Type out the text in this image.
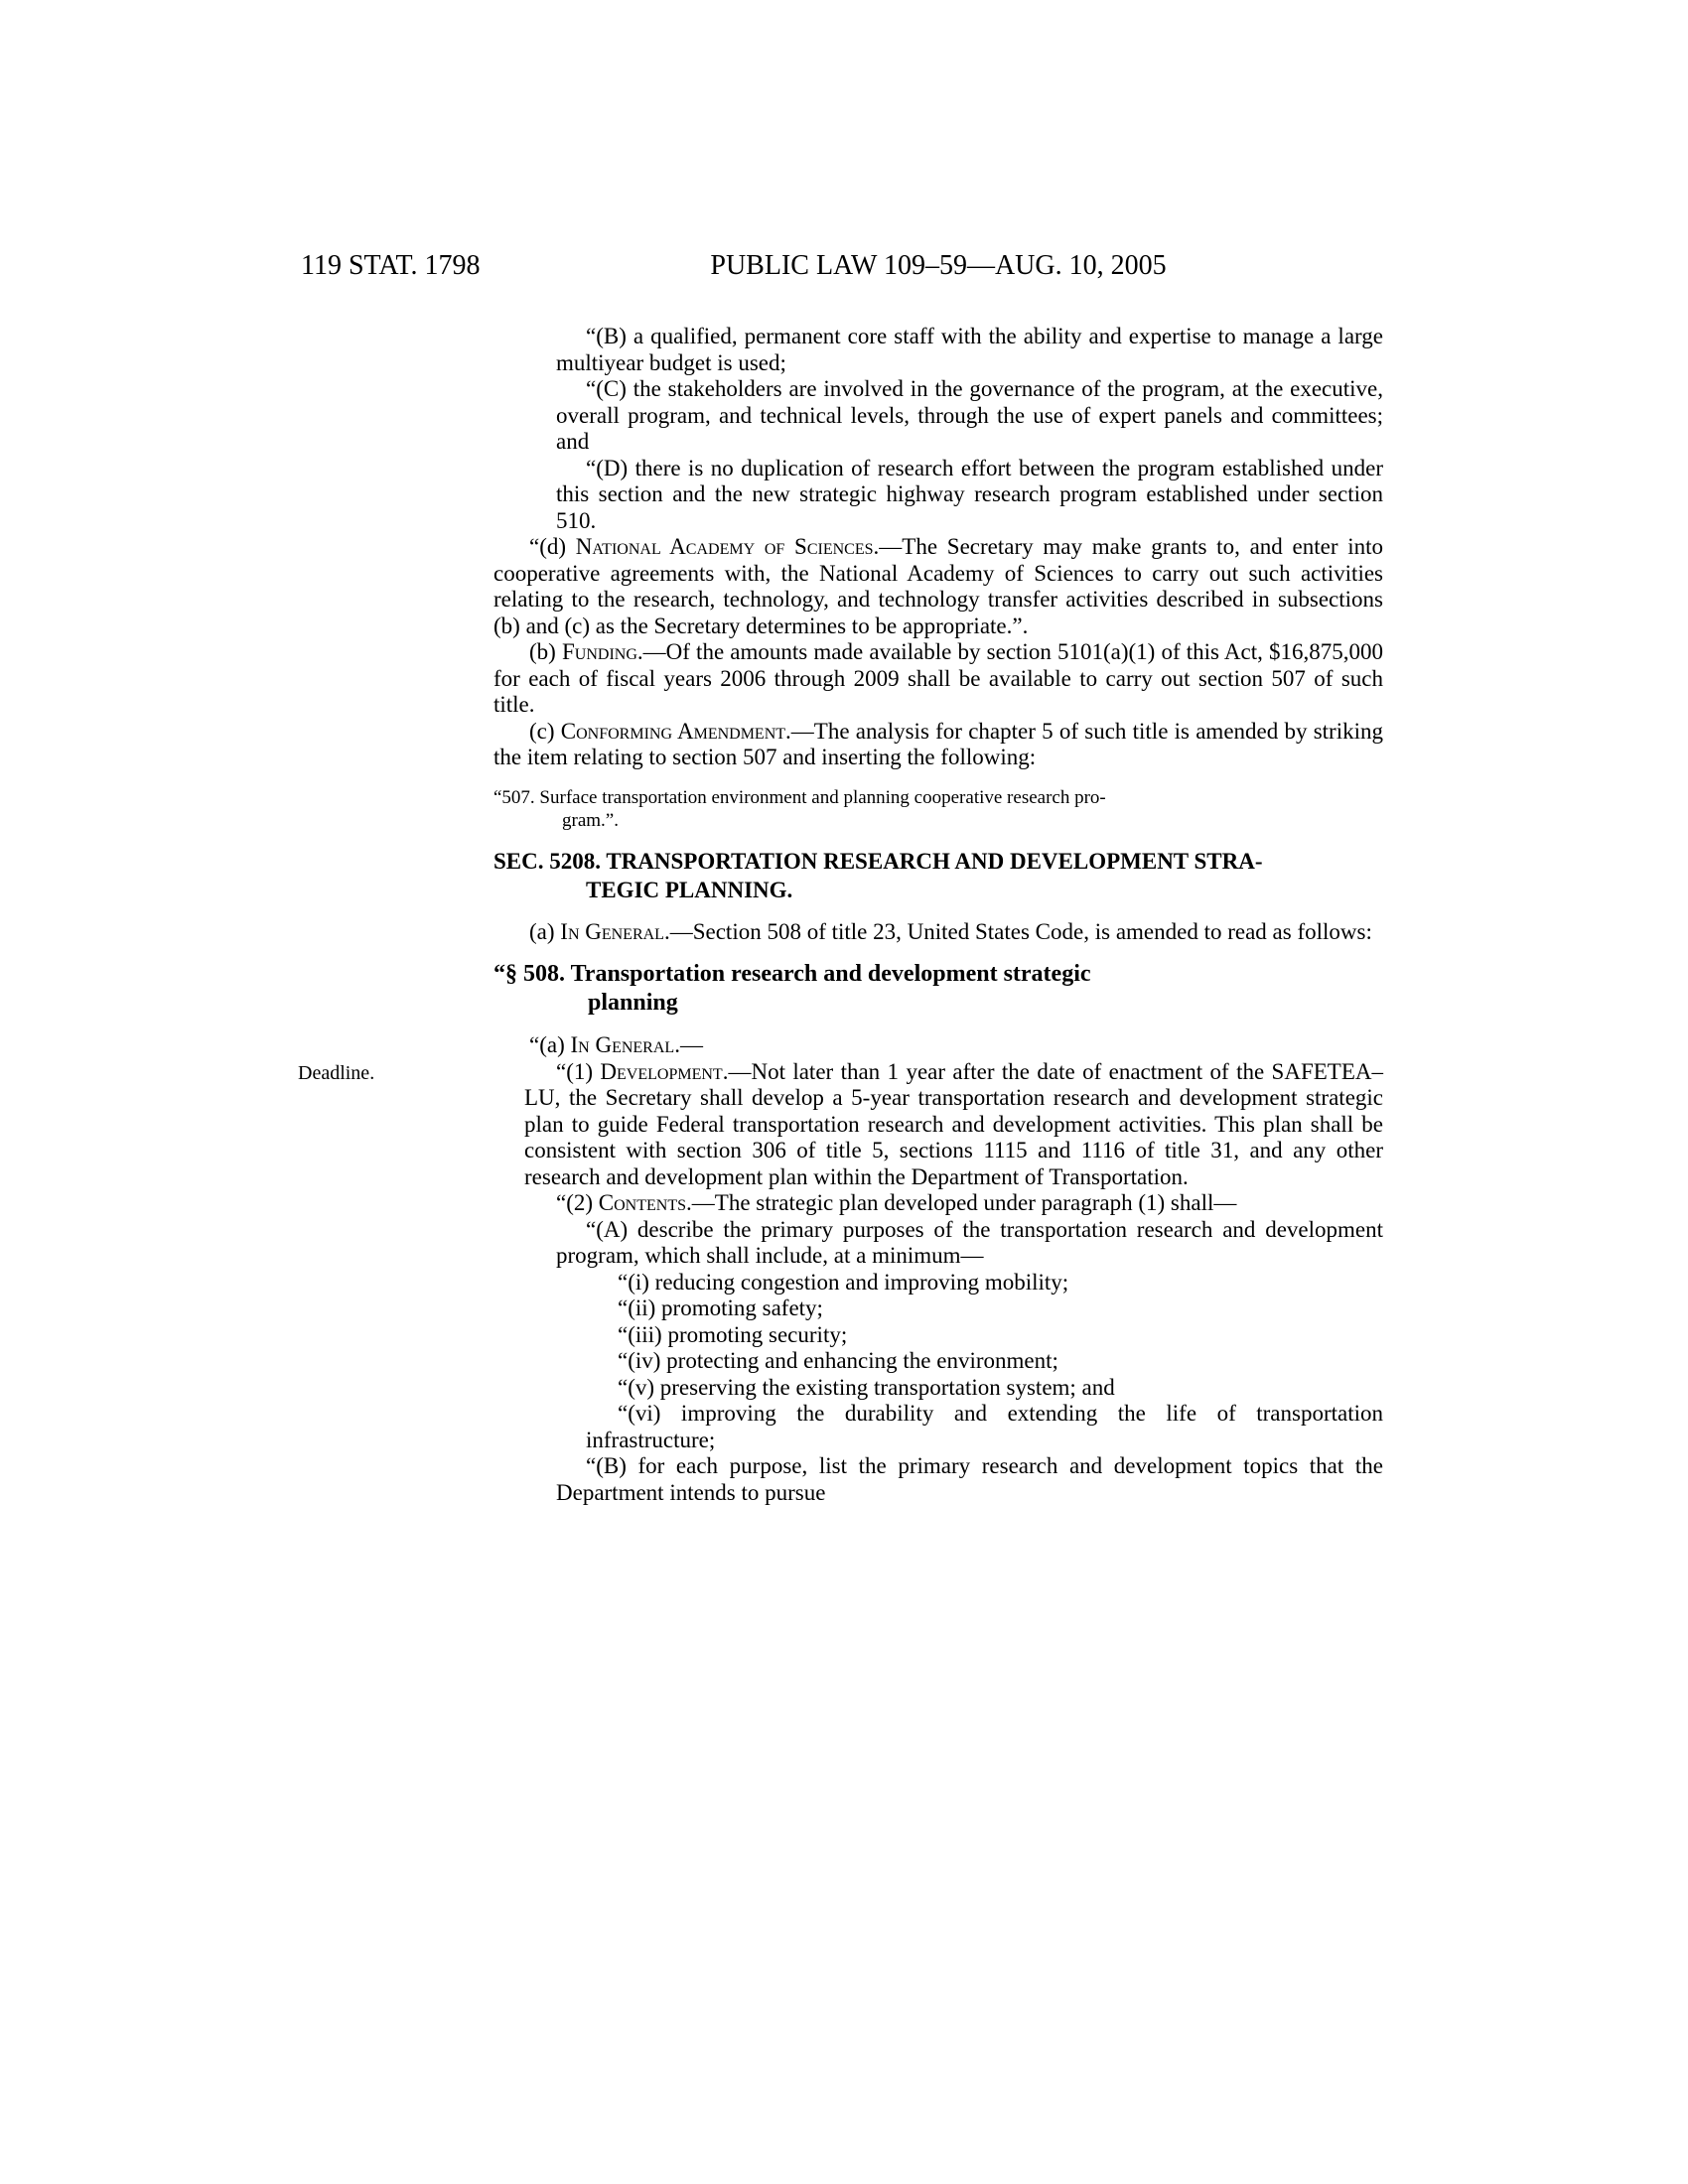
119 STAT. 1798	PUBLIC LAW 109–59—AUG. 10, 2005

“(B) a qualified, permanent core staff with the ability and expertise to manage a large multiyear budget is used;

“(C) the stakeholders are involved in the governance of the program, at the executive, overall program, and technical levels, through the use of expert panels and committees; and

“(D) there is no duplication of research effort between the program established under this section and the new strategic highway research program established under section 510.

“(d) National Academy of Sciences.—The Secretary may make grants to, and enter into cooperative agreements with, the National Academy of Sciences to carry out such activities relating to the research, technology, and technology transfer activities described in subsections (b) and (c) as the Secretary determines to be appropriate.”.

(b) Funding.—Of the amounts made available by section 5101(a)(1) of this Act, $16,875,000 for each of fiscal years 2006 through 2009 shall be available to carry out section 507 of such title.

(c) Conforming Amendment.—The analysis for chapter 5 of such title is amended by striking the item relating to section 507 and inserting the following:

“507. Surface transportation environment and planning cooperative research pro-
gram.”.

SEC. 5208. TRANSPORTATION RESEARCH AND DEVELOPMENT STRA-
TEGIC PLANNING.

(a) In General.—Section 508 of title 23, United States Code, is amended to read as follows:

“§ 508. Transportation research and development strategic
planning

“(a) In General.—

Deadline.	“(1) Development.—Not later than 1 year after the date of enactment of the SAFETEA–LU, the Secretary shall develop a 5-year transportation research and development strategic plan to guide Federal transportation research and development activities. This plan shall be consistent with section 306 of title 5, sections 1115 and 1116 of title 31, and any other research and development plan within the Department of Transportation.

“(2) Contents.—The strategic plan developed under paragraph (1) shall—

“(A) describe the primary purposes of the transportation research and development program, which shall include, at a minimum—

“(i) reducing congestion and improving mobility;

“(ii) promoting safety;

“(iii) promoting security;

“(iv) protecting and enhancing the environment;

“(v) preserving the existing transportation system; and

“(vi) improving the durability and extending the life of transportation infrastructure;

“(B) for each purpose, list the primary research and development topics that the Department intends to pursue
